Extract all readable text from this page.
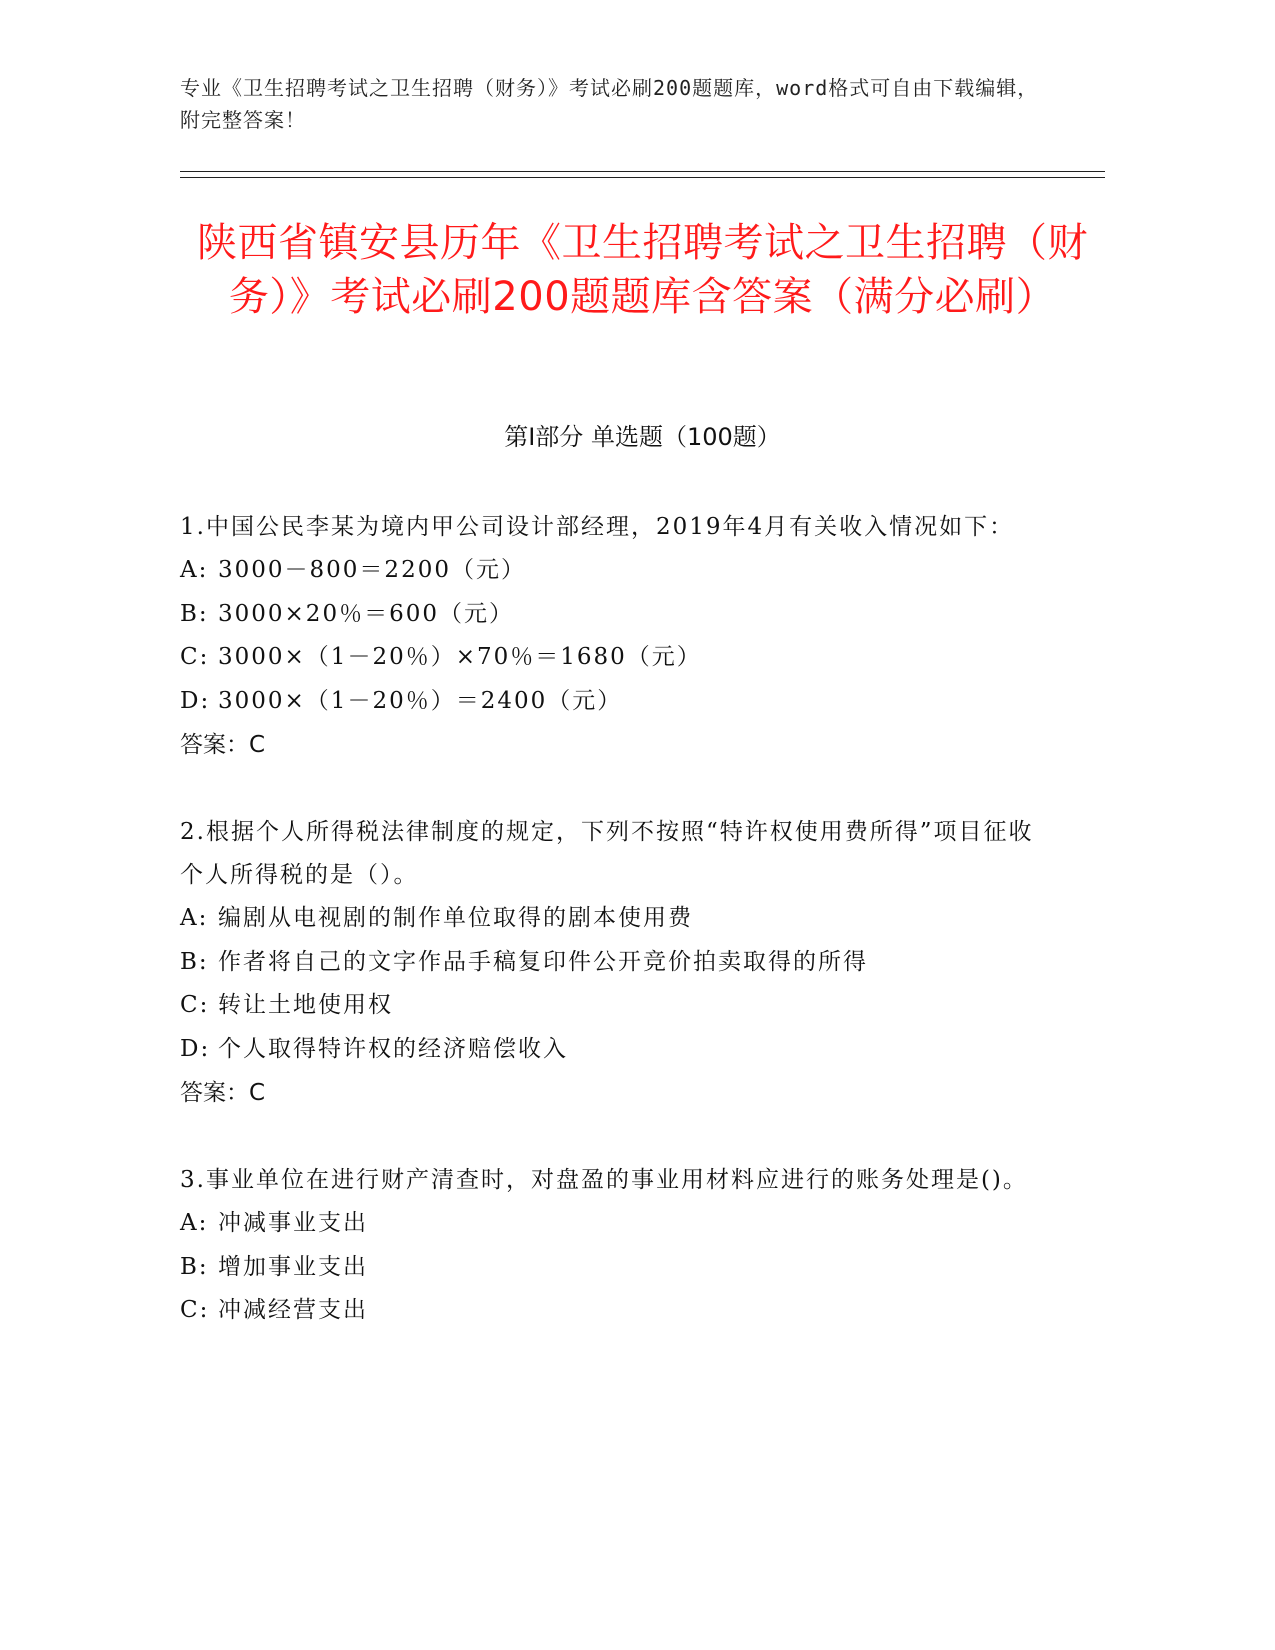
专业《卫生招聘考试之卫生招聘（财务）》考试必刷200题题库，word格式可自由下载编辑，附完整答案！
陕西省镇安县历年《卫生招聘考试之卫生招聘（财务）》考试必刷200题题库含答案（满分必刷）
第I部分 单选题（100题）
1.中国公民李某为境内甲公司设计部经理，2019年4月有关收入情况如下：
A: 3000－800＝2200（元）
B: 3000×20％＝600（元）
C: 3000×（1－20％）×70％＝1680（元）
D: 3000×（1－20％）＝2400（元）
答案：C
2.根据个人所得税法律制度的规定，下列不按照“特许权使用费所得”项目征收个人所得税的是（）。
A: 编剧从电视剧的制作单位取得的剧本使用费
B: 作者将自己的文字作品手稿复印件公开竞价拍卖取得的所得
C: 转让土地使用权
D: 个人取得特许权的经济赔偿收入
答案：C
3.事业单位在进行财产清查时，对盘盈的事业用材料应进行的账务处理是()。
A: 冲减事业支出
B: 增加事业支出
C: 冲减经营支出
